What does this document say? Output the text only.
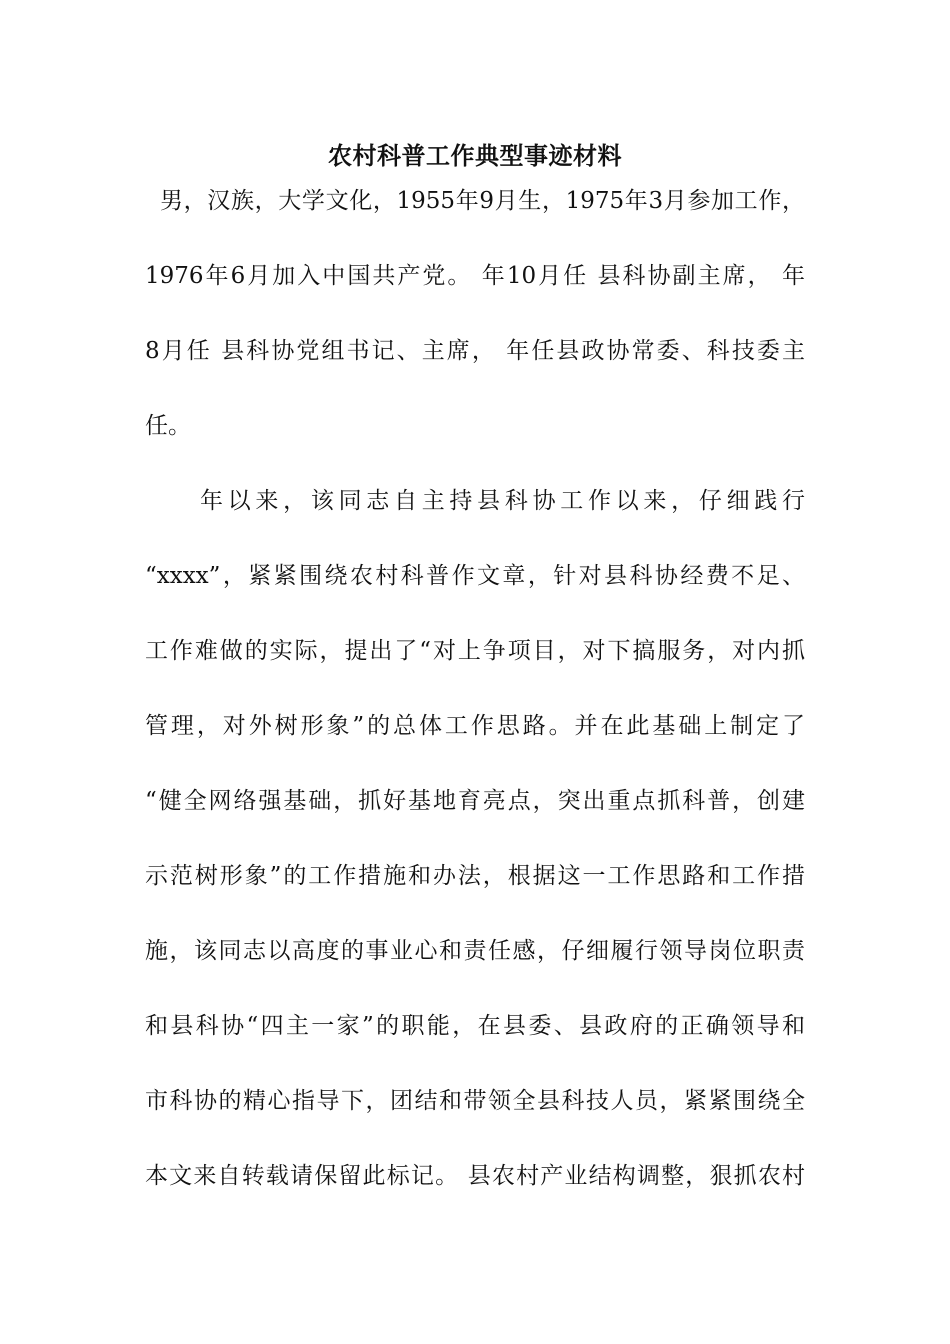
农村科普工作典型事迹材料
男，汉族，大学文化，1955年9月生，1975年3月参加工作，
1976年6月加入中国共产党。 年10月任 县科协副主席， 年
8月任 县科协党组书记、主席， 年任县政协常委、科技委主
任。
年以来，该同志自主持县科协工作以来，仔细践行
“xxxx”，紧紧围绕农村科普作文章，针对县科协经费不足、
工作难做的实际，提出了“对上争项目，对下搞服务，对内抓
管理，对外树形象”的总体工作思路。并在此基础上制定了
“健全网络强基础，抓好基地育亮点，突出重点抓科普，创建
示范树形象”的工作措施和办法，根据这一工作思路和工作措
施，该同志以高度的事业心和责任感，仔细履行领导岗位职责
和县科协“四主一家”的职能，在县委、县政府的正确领导和
市科协的精心指导下，团结和带领全县科技人员，紧紧围绕全
本文来自转载请保留此标记。 县农村产业结构调整，狠抓农村
